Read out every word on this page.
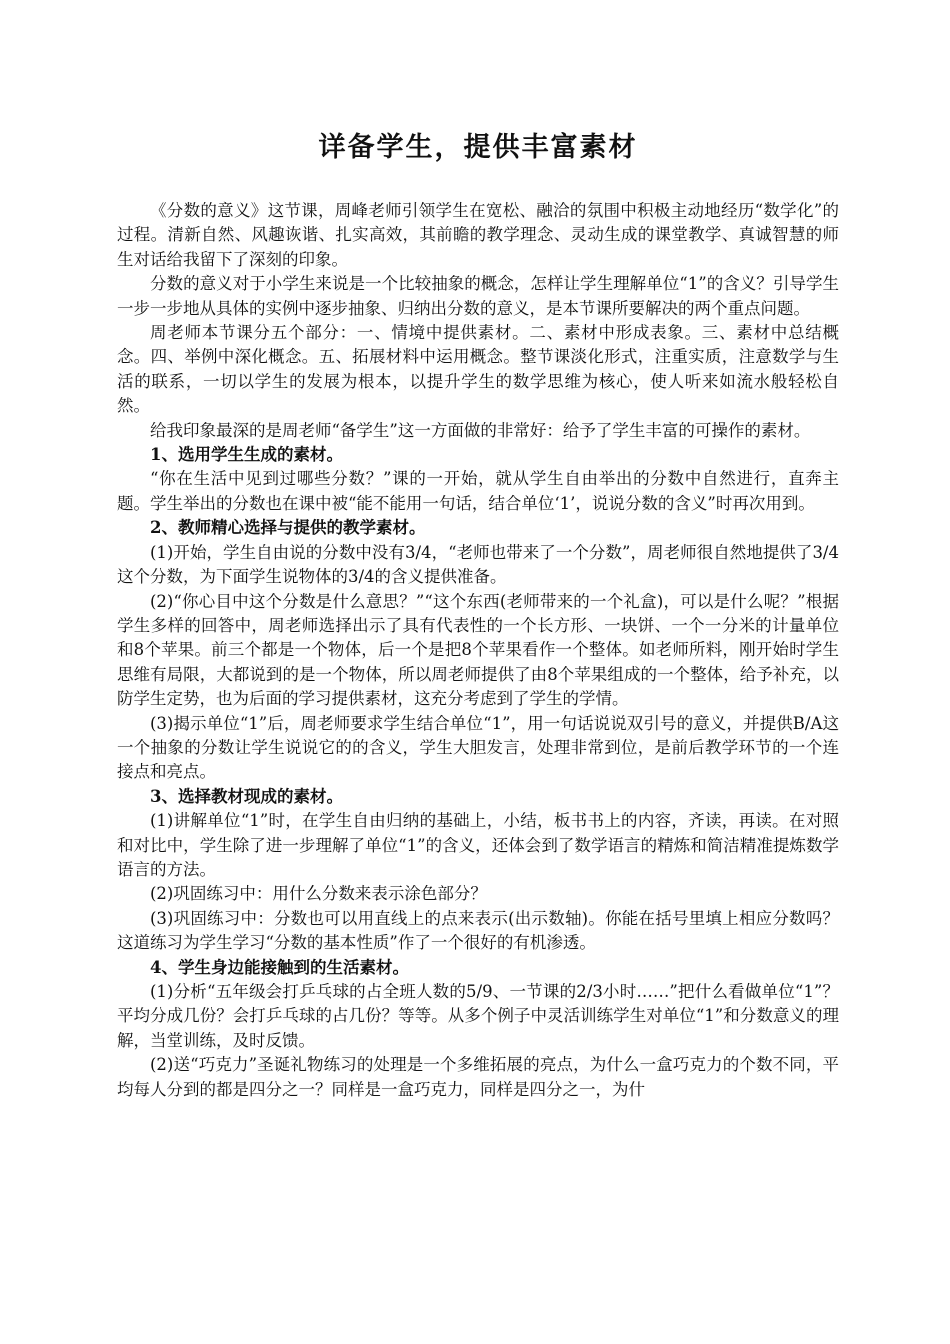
详备学生，提供丰富素材

《分数的意义》这节课，周峰老师引领学生在宽松、融洽的氛围中积极主动地经历“数学化”的过程。清新自然、风趣诙谐、扎实高效，其前瞻的教学理念、灵动生成的课堂教学、真诚智慧的师生对话给我留下了深刻的印象。

分数的意义对于小学生来说是一个比较抽象的概念，怎样让学生理解单位“1”的含义？引导学生一步一步地从具体的实例中逐步抽象、归纳出分数的意义，是本节课所要解决的两个重点问题。

周老师本节课分五个部分：一、情境中提供素材。二、素材中形成表象。三、素材中总结概念。四、举例中深化概念。五、拓展材料中运用概念。整节课淡化形式，注重实质，注意数学与生活的联系，一切以学生的发展为根本，以提升学生的数学思维为核心，使人听来如流水般轻松自然。

给我印象最深的是周老师“备学生”这一方面做的非常好：给予了学生丰富的可操作的素材。

1、选用学生生成的素材。

“你在生活中见到过哪些分数？”课的一开始，就从学生自由举出的分数中自然进行，直奔主题。学生举出的分数也在课中被“能不能用一句话，结合单位‘1’，说说分数的含义”时再次用到。

2、教师精心选择与提供的教学素材。

(1)开始，学生自由说的分数中没有3/4，“老师也带来了一个分数”，周老师很自然地提供了3/4这个分数，为下面学生说物体的3/4的含义提供准备。

(2)“你心目中这个分数是什么意思？”“这个东西(老师带来的一个礼盒)，可以是什么呢？”根据学生多样的回答中，周老师选择出示了具有代表性的一个长方形、一块饼、一个一分米的计量单位和8个苹果。前三个都是一个物体，后一个是把8个苹果看作一个整体。如老师所料，刚开始时学生思维有局限，大都说到的是一个物体，所以周老师提供了由8个苹果组成的一个整体，给予补充，以防学生定势，也为后面的学习提供素材，这充分考虑到了学生的学情。

(3)揭示单位“1”后，周老师要求学生结合单位“1”，用一句话说说双引号的意义，并提供B/A这一个抽象的分数让学生说说它的的含义，学生大胆发言，处理非常到位，是前后教学环节的一个连接点和亮点。

3、选择教材现成的素材。

(1)讲解单位“1”时，在学生自由归纳的基础上，小结，板书书上的内容，齐读，再读。在对照和对比中，学生除了进一步理解了单位“1”的含义，还体会到了数学语言的精炼和简洁精准提炼数学语言的方法。

(2)巩固练习中：用什么分数来表示涂色部分？

(3)巩固练习中：分数也可以用直线上的点来表示(出示数轴)。你能在括号里填上相应分数吗？这道练习为学生学习“分数的基本性质”作了一个很好的有机渗透。

4、学生身边能接触到的生活素材。

(1)分析“五年级会打乒乓球的占全班人数的5/9、一节课的2/3小时……”把什么看做单位“1”？平均分成几份？会打乒乓球的占几份？等等。从多个例子中灵活训练学生对单位“1”和分数意义的理解，当堂训练，及时反馈。

(2)送“巧克力”圣诞礼物练习的处理是一个多维拓展的亮点，为什么一盒巧克力的个数不同，平均每人分到的都是四分之一？同样是一盒巧克力，同样是四分之一，为什
